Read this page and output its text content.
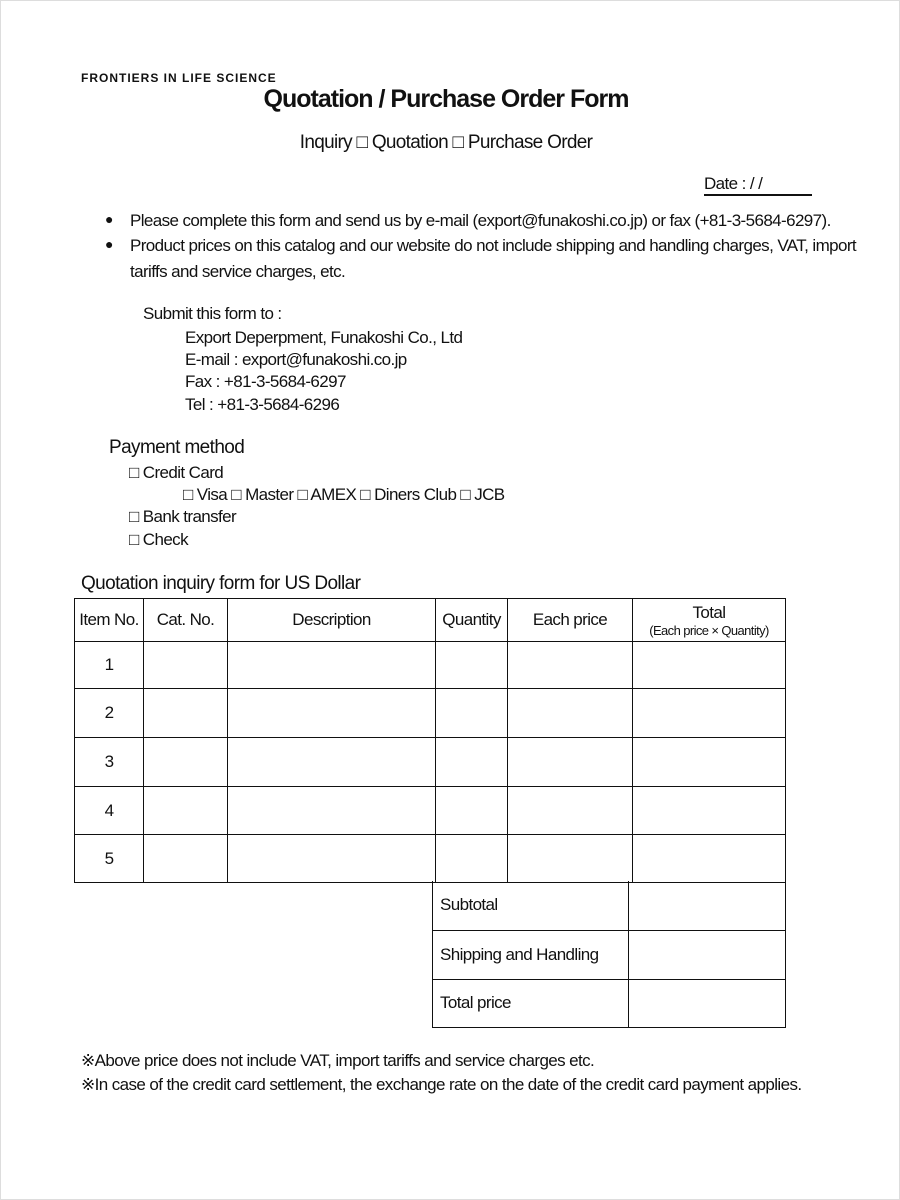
FRONTIERS IN LIFE SCIENCE
Quotation / Purchase Order Form
Inquiry □ Quotation □ Purchase Order
Date : / /
● Please complete this form and send us by e-mail (export@funakoshi.co.jp) or fax (+81-3-5684-6297).
● Product prices on this catalog and our website do not include shipping and handling charges, VAT, import
tariffs and service charges, etc.
Submit this form to :
Export Deperpment, Funakoshi Co., Ltd
E-mail : export@funakoshi.co.jp
Fax : +81-3-5684-6297
Tel : +81-3-5684-6296
Payment method
□ Credit Card
□ Visa □ Master □ AMEX □ Diners Club □ JCB
□ Bank transfer
□ Check
Quotation inquiry form for US Dollar
Item No.	Cat. No.	Description	Quantity	Each price	Total
(Each price × Quantity)

1					
2					
3					
4					
5					
Subtotal	
Shipping and Handling	
Total price	
※Above price does not include VAT, import tariffs and service charges etc.
※In case of the credit card settlement, the exchange rate on the date of the credit card payment applies.
